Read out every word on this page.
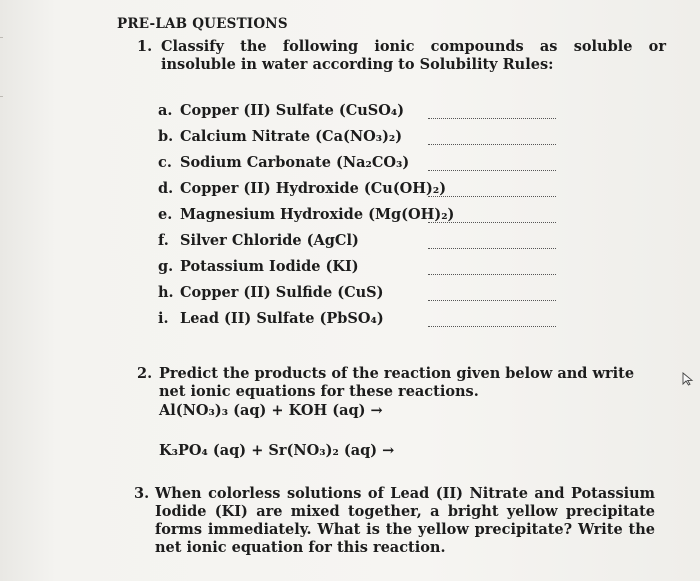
PRE-LAB QUESTIONS
1. Classify the following ionic compounds as soluble or insoluble in water according to Solubility Rules:
a. Copper (II) Sulfate (CuSO₄)
b. Calcium Nitrate (Ca(NO₃)₂)
c. Sodium Carbonate (Na₂CO₃)
d. Copper (II) Hydroxide (Cu(OH)₂)
e. Magnesium Hydroxide (Mg(OH)₂)
f. Silver Chloride (AgCl)
g. Potassium Iodide (KI)
h. Copper (II) Sulfide (CuS)
i. Lead (II) Sulfate (PbSO₄)
2. Predict the products of the reaction given below and write net ionic equations for these reactions.
Al(NO₃)₃ (aq) + KOH (aq) →
K₃PO₄ (aq) + Sr(NO₃)₂ (aq) →
3. When colorless solutions of Lead (II) Nitrate and Potassium Iodide (KI) are mixed together, a bright yellow precipitate forms immediately. What is the yellow precipitate? Write the net ionic equation for this reaction.
